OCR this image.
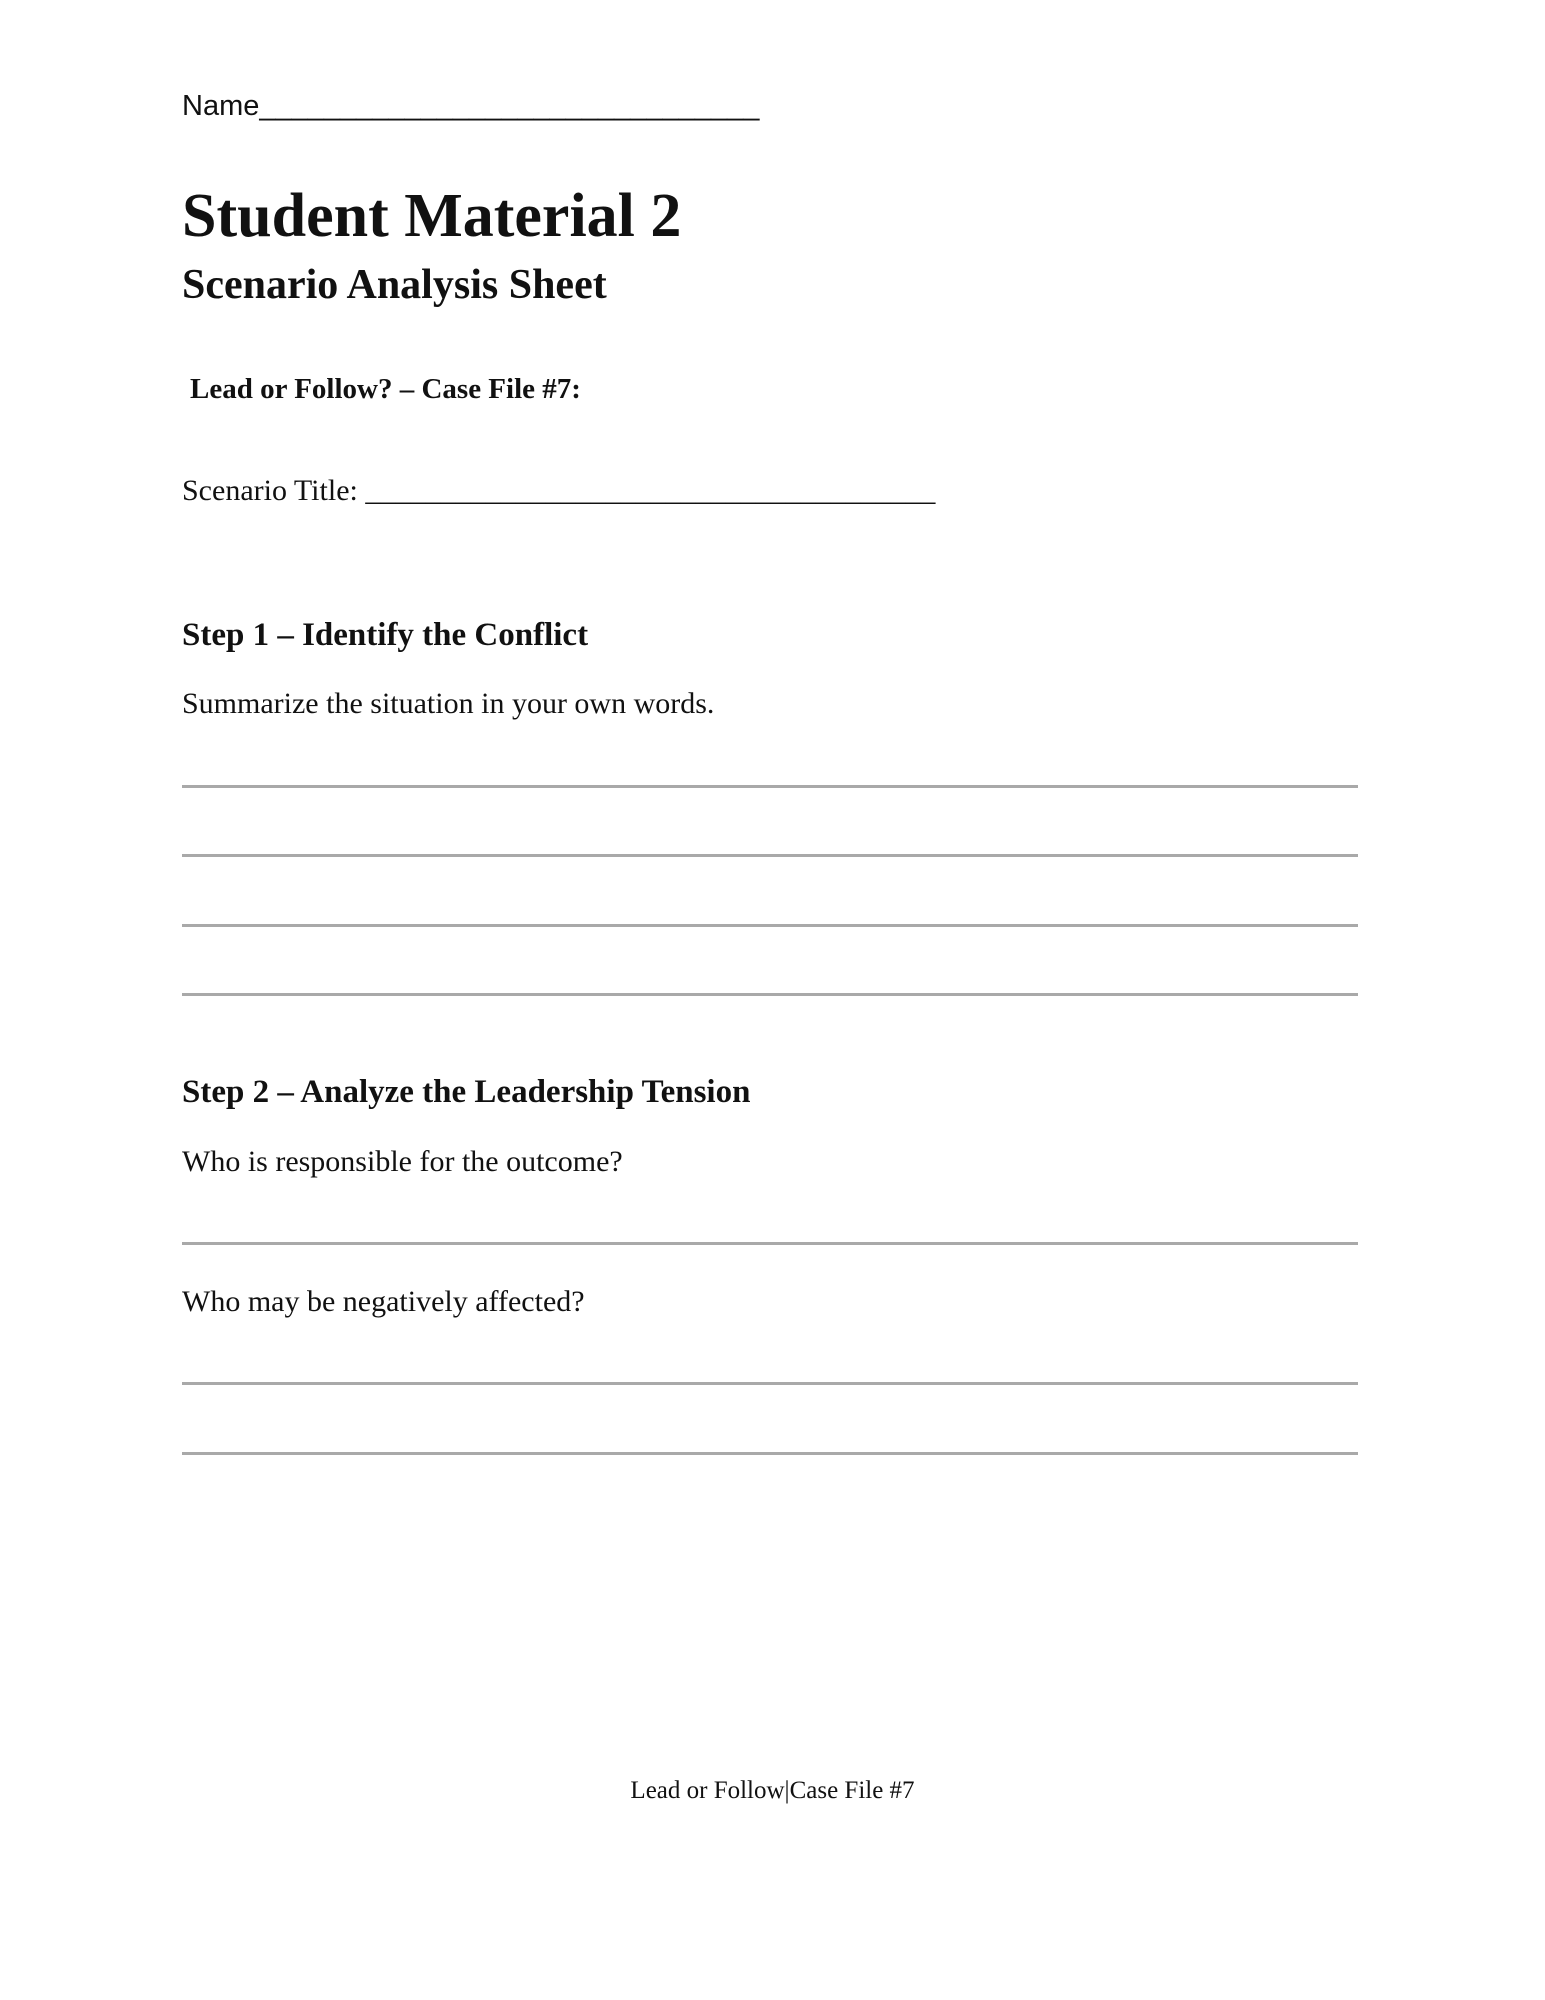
Name_______________________________
Student Material 2
Scenario Analysis Sheet
Lead or Follow? – Case File #7:
Scenario Title: ______________________________________
Step 1 – Identify the Conflict
Summarize the situation in your own words.
Step 2 – Analyze the Leadership Tension
Who is responsible for the outcome?
Who may be negatively affected?
Lead or Follow|Case File #7
